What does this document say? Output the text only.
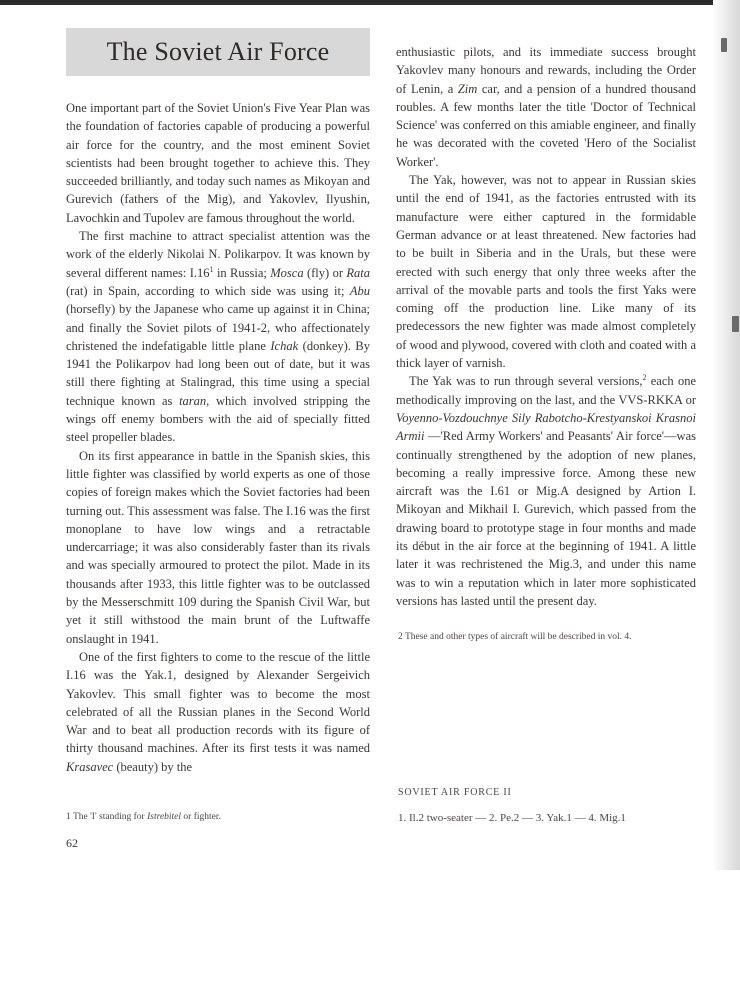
The Soviet Air Force

One important part of the Soviet Union's Five Year Plan was the foundation of factories capable of producing a powerful air force for the country, and the most eminent Soviet scientists had been brought together to achieve this. They succeeded brilliantly, and today such names as Mikoyan and Gurevich (fathers of the Mig), and Yakovlev, Ilyushin, Lavochkin and Tupolev are famous throughout the world.

The first machine to attract specialist attention was the work of the elderly Nikolai N. Polikarpov. It was known by several different names: $I.16^1$ in Russia; Mosca (fly) or Rata (rat) in Spain, according to which side was using it; Abu (horsefly) by the Japanese who came up against it in China; and finally the Soviet pilots of 1941-2, who affectionately christened the indefatigable little plane Ichak (donkey). By 1941 the Polikarpov had long been out of date, but it was still there fighting at Stalingrad, this time using a special technique known as taran, which involved stripping the wings off enemy bombers with the aid of specially fitted steel propeller blades.

On its first appearance in battle in the Spanish skies, this little fighter was classified by world experts as one of those copies of foreign makes which the Soviet factories had been turning out. This assessment was false. The I.16 was the first monoplane to have low wings and a retractable undercarriage; it was also considerably faster than its rivals and was specially armoured to protect the pilot. Made in its thousands after 1933, this little fighter was to be outclassed by the Messerschmitt 109 during the Spanish Civil War, but yet it still withstood the main brunt of the Luftwaffe onslaught in 1941.

One of the first fighters to come to the rescue of the little I.16 was the Yak.1, designed by Alexander Sergeivich Yakovlev. This small fighter was to become the most celebrated of all the Russian planes in the Second World War and to beat all production records with its figure of thirty thousand machines. After its first tests it was named Krasavec (beauty) by the

enthusiastic pilots, and its immediate success brought Yakovlev many honours and rewards, including the Order of Lenin, a Zim car, and a pension of a hundred thousand roubles. A few months later the title 'Doctor of Technical Science' was conferred on this amiable engineer, and finally he was decorated with the coveted 'Hero of the Socialist Worker'.

The Yak, however, was not to appear in Russian skies until the end of 1941, as the factories entrusted with its manufacture were either captured in the formidable German advance or at least threatened. New factories had to be built in Siberia and in the Urals, but these were erected with such energy that only three weeks after the arrival of the movable parts and tools the first Yaks were coming off the production line. Like many of its predecessors the new fighter was made almost completely of wood and plywood, covered with cloth and coated with a thick layer of varnish.

The Yak was to run through several versions,$^2$ each one methodically improving on the last, and the VVS-RKKA or Voyenno-Vozdouchnye Sily Rabotcho-Krestyanskoi Krasnoi Armii —'Red Army Workers' and Peasants' Air force'—was continually strengthened by the adoption of new planes, becoming a really impressive force. Among these new aircraft was the I.61 or Mig.A designed by Artion I. Mikoyan and Mikhail I. Gurevich, which passed from the drawing board to prototype stage in four months and made its début in the air force at the beginning of 1941. A little later it was rechristened the Mig.3, and under this name was to win a reputation which in later more sophisticated versions has lasted until the present day.

2 These and other types of aircraft will be described in vol. 4.
1 The 'I' standing for Istrebitel or fighter.
62
SOVIET AIR FORCE II
1. Il.2 two-seater — 2. Pe.2 — 3. Yak.1 — 4. Mig.1
